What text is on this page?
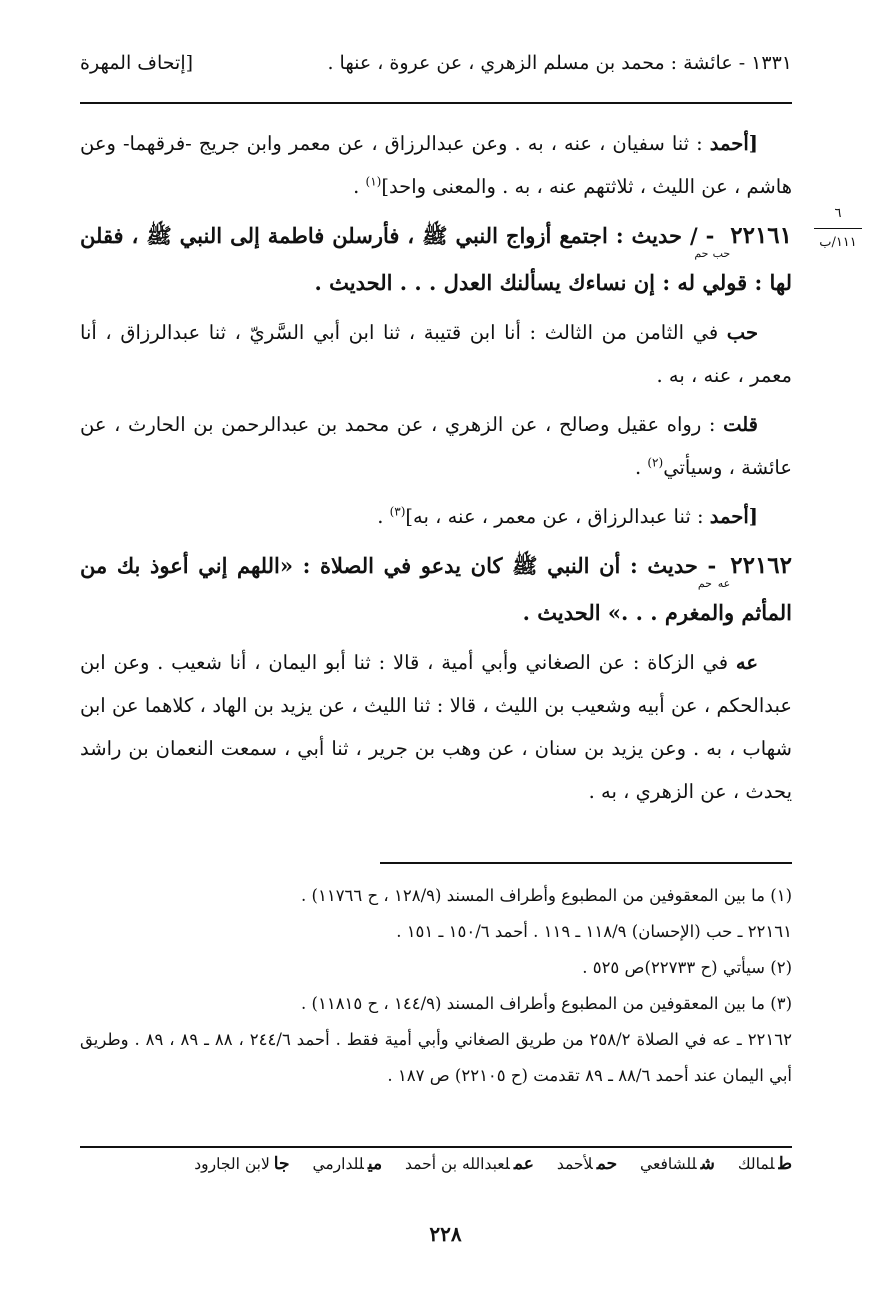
١٣٣١ - عائشة : محمد بن مسلم الزهري ، عن عروة ، عنها .
[إتحاف المهرة
٦
١١١/ب

[أحمد : ثنا سفيان ، عنه ، به . وعن عبدالرزاق ، عن معمر وابن جريج -فرقهما- وعن هاشم ، عن الليث ، ثلاثتهم عنه ، به . والمعنى واحد]$^{(١)}$ .

$٢٢١٦١_{حب حم}$ - / حديث : اجتمع أزواج النبي ﷺ ، فأرسلن فاطمة إلى النبي ﷺ ، فقلن لها : قولي له : إن نساءك يسألنك العدل . . . الحديث .

حب في الثامن من الثالث : أنا ابن قتيبة ، ثنا ابن أبي السَّريّ ، ثنا عبدالرزاق ، أنا معمر ، عنه ، به .

قلت : رواه عقيل وصالح ، عن الزهري ، عن محمد بن عبدالرحمن بن الحارث ، عن عائشة ، وسيأتي$^{(٢)}$ .

[أحمد : ثنا عبدالرزاق ، عن معمر ، عنه ، به]$^{(٣)}$ .

$٢٢١٦٢_{عه حم}$ - حديث : أن النبي ﷺ كان يدعو في الصلاة : «اللهم إني أعوذ بك من المأثم والمغرم . . .» الحديث .

عه في الزكاة : عن الصغاني وأبي أمية ، قالا : ثنا أبو اليمان ، أنا شعيب . وعن ابن عبدالحكم ، عن أبيه وشعيب بن الليث ، قالا : ثنا الليث ، عن يزيد بن الهاد ، كلاهما عن ابن شهاب ، به . وعن يزيد بن سنان ، عن وهب بن جرير ، ثنا أبي ، سمعت النعمان بن راشد يحدث ، عن الزهري ، به .

(١) ما بين المعقوفين من المطبوع وأطراف المسند (١٢٨/٩ ، ح ١١٧٦٦) .

٢٢١٦١ ـ حب (الإحسان) ١١٨/٩ ـ ١١٩ . أحمد ١٥٠/٦ ـ ١٥١ .

(٢) سيأتي (ح ٢٢٧٣٣)ص ٥٢٥ .

(٣) ما بين المعقوفين من المطبوع وأطراف المسند (١٤٤/٩ ، ح ١١٨١٥) .

٢٢١٦٢ ـ عه في الصلاة ٢٥٨/٢ من طريق الصغاني وأبي أمية فقط . أحمد ٢٤٤/٦ ، ٨٨ ـ ٨٩ ، ٨٩ . وطريق أبي اليمان عند أحمد ٨٨/٦ ـ ٨٩ تقدمت (ح ٢٢١٠٥) ص ١٨٧ .

طلمالك شللشافعي حملأحمد عملعبدالله بن أحمد ميللدارمي جالابن الجارود
٢٢٨
